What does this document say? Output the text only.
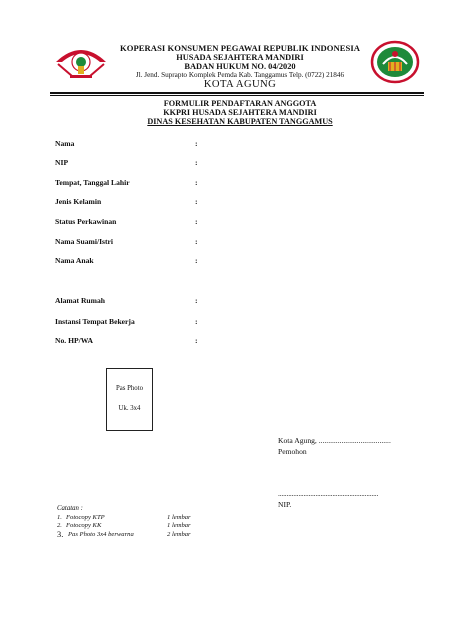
KOPERASI KONSUMEN PEGAWAI REPUBLIK INDONESIA
HUSADA SEJAHTERA MANDIRI
BADAN HUKUM NO. 04/2020
Jl. Jend. Suprapto Komplek Pemda Kab. Tanggamus Telp. (0722) 21846
KOTA AGUNG
FORMULIR PENDAFTARAN ANGGOTA
KKPRI HUSADA SEJAHTERA MANDIRI
DINAS KESEHATAN KABUPATEN TANGGAMUS
Nama	:
NIP	:
Tempat, Tanggal Lahir	:
Jenis Kelamin	:
Status Perkawinan	:
Nama Suami/Istri	:
Nama Anak	:
Alamat Rumah	:
Instansi Tempat Bekerja	:
No. HP/WA	:
Pas Photo
Uk. 3x4
Kota Agung, ......................................
Pemohon
...........................................................
NIP.
Catatan :
1. Fotocopy KTP	1 lembar
2. Fotocopy KK	1 lembar
3. Pas Photo 3x4 berwarna	2 lembar
